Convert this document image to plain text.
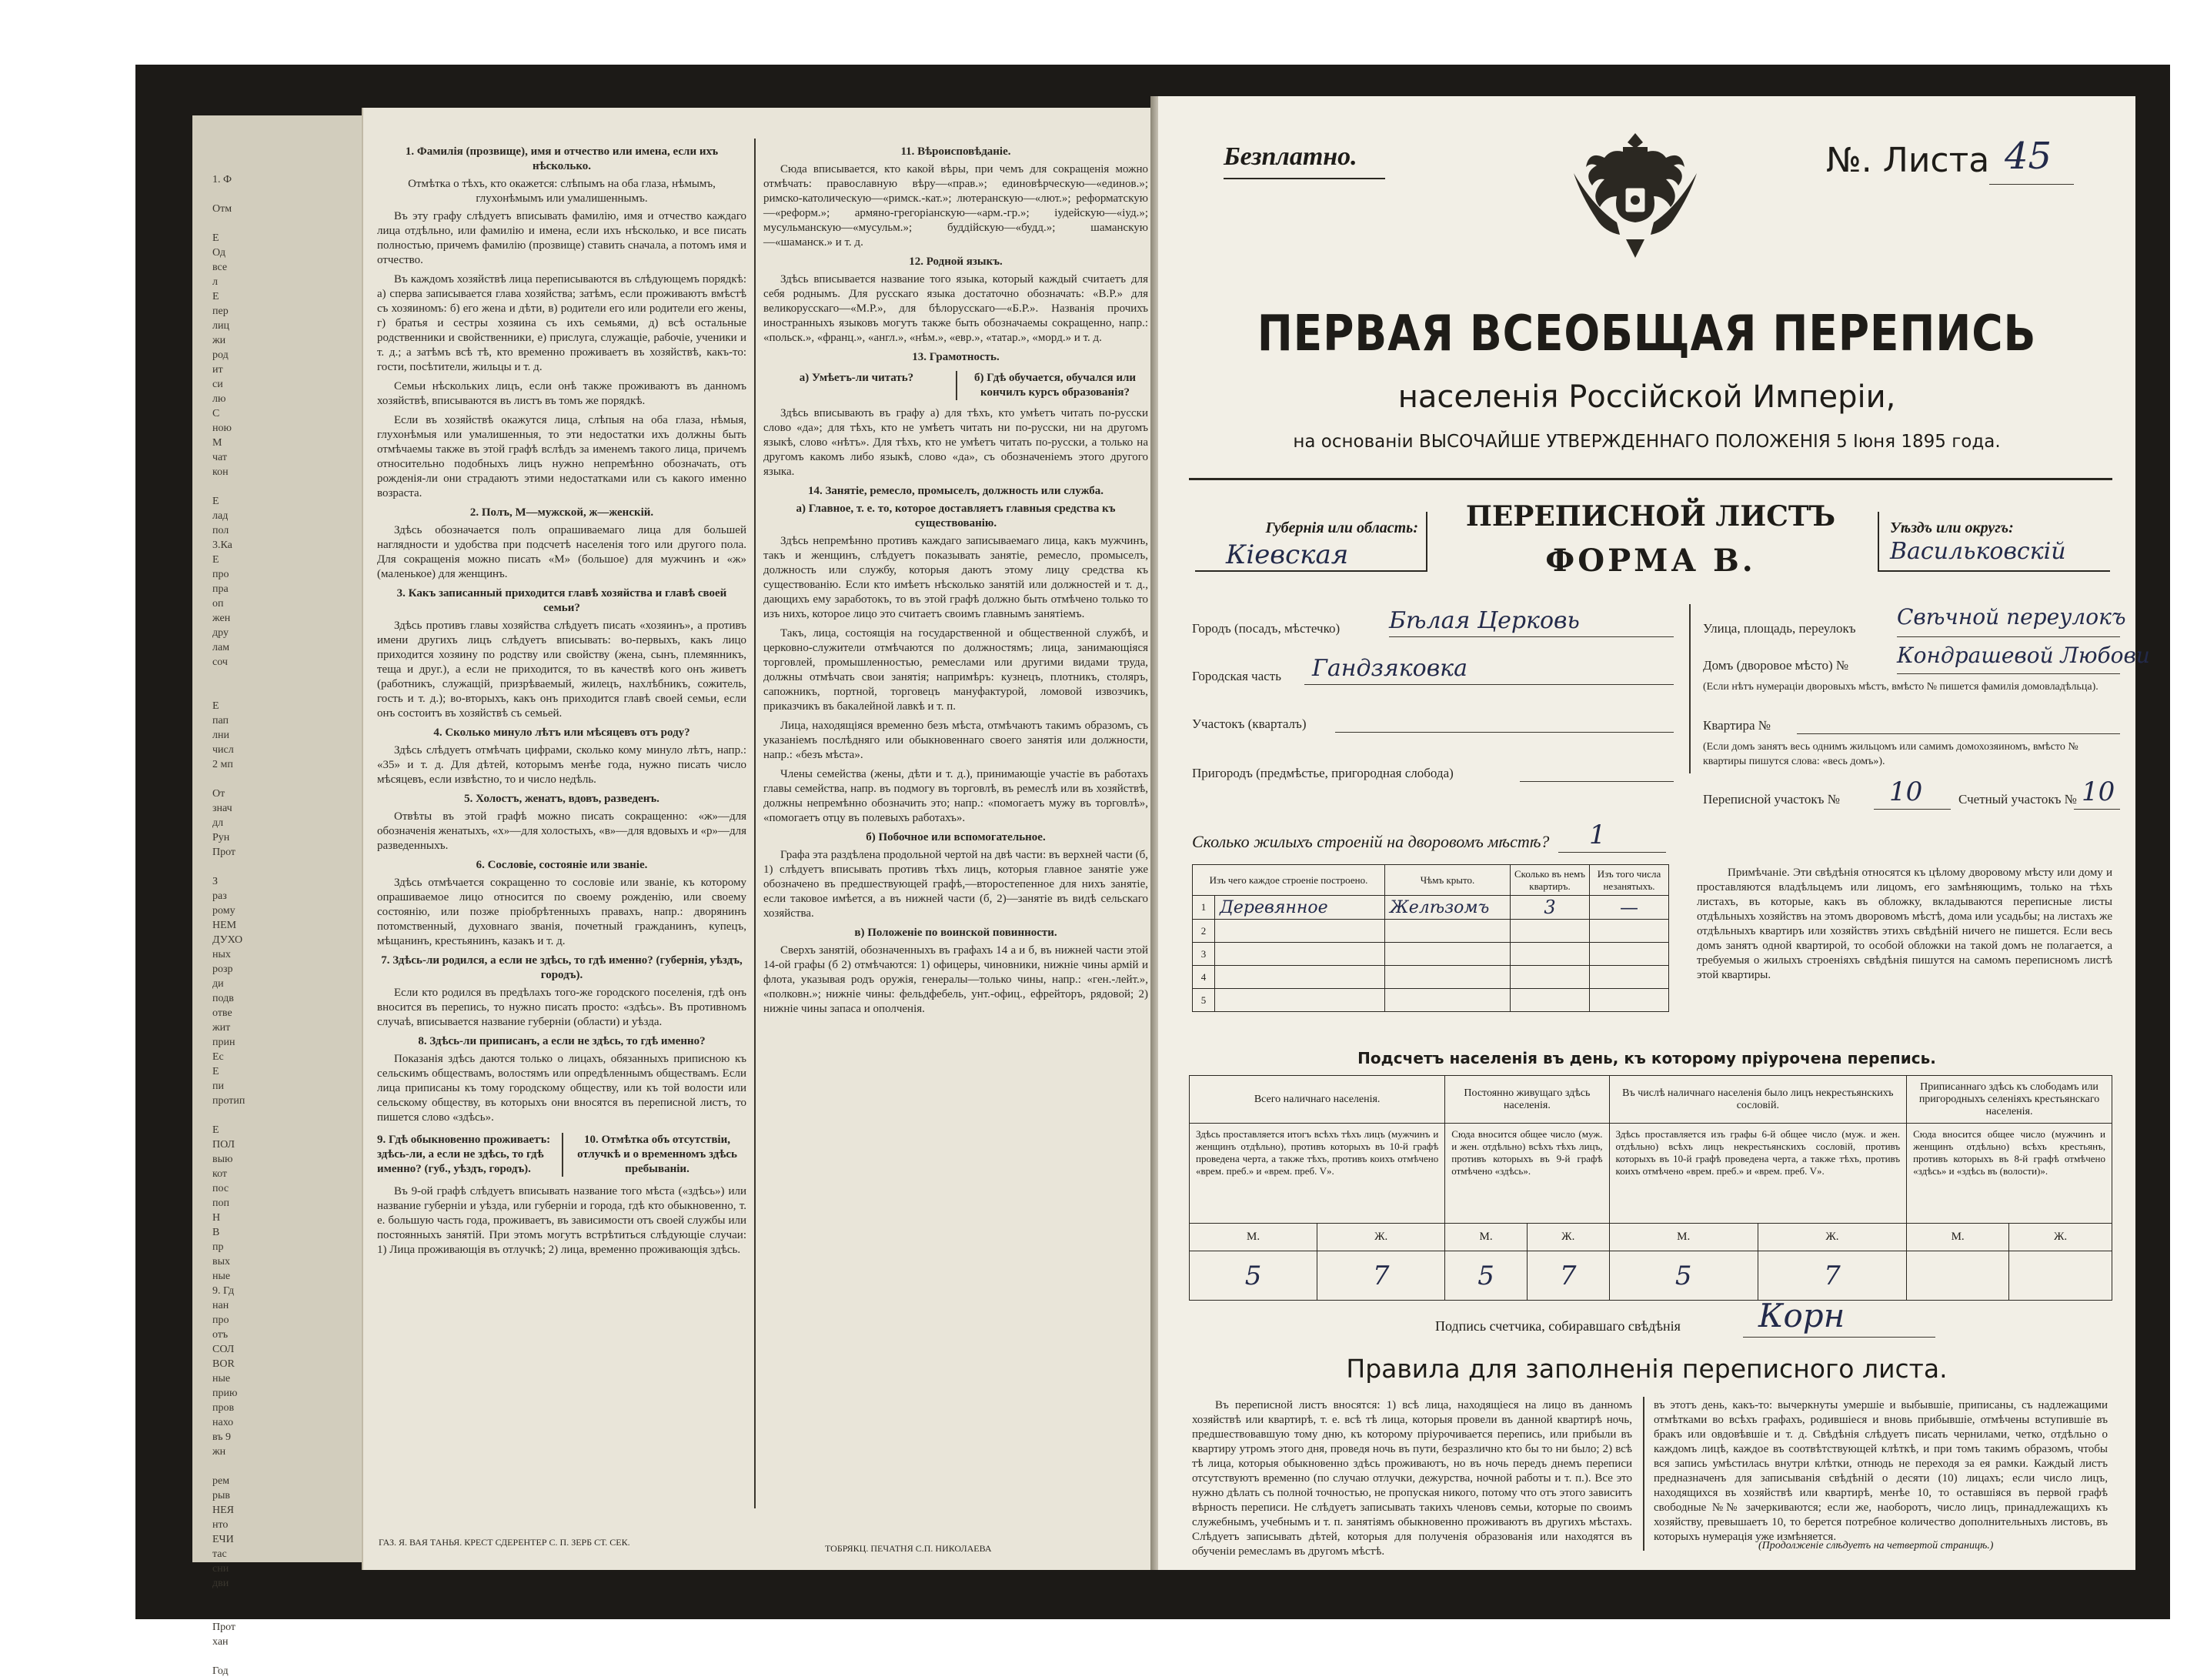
1. Ф
Отм
E
Од
все
л
Е
пер
лиц
жи
род
ит
си
лю
С
ною
М
чат
кон
Е
лад
пол
3.Ка
Е
про
пра
оп
жен
дру
лам
соч
Е
пап
лни
числ
2 мп
От
знач
дл
Рун
Прот
З
раз
рому
НЕМ
ДУХО
ных
розр
ди
подв
отве
жит
прин
Ес
Е
пи
протип
Е
ПОЛ
выю
кот
пос
поп
Н
В
пр
вых
ные
9. Гд
нан
про
отъ
СОЛ
BOR
ные
прию
пров
нахо
въ 9
жн
рем
рыв
НЕЯ
нто
ЕЧИ
тас
сни
дви
Прот
хан
Год

1. Фамилія (прозвище), имя и отчество или имена, если ихъ нѣсколько.

Отмѣтка о тѣхъ, кто окажется: слѣпымъ на оба глаза, нѣмымъ, глухонѣмымъ или умалишеннымъ.

Въ эту графу слѣдуетъ вписывать фамилію, имя и отчество каждаго лица отдѣльно, или фамилію и имена, если ихъ нѣсколько, и все писать полностью, причемъ фамилію (прозвище) ставить сначала, а потомъ имя и отчество.

Въ каждомъ хозяйствѣ лица переписываются въ слѣдующемъ порядкѣ: а) сперва записывается глава хозяйства; затѣмъ, если проживаютъ вмѣстѣ съ хозяиномъ: б) его жена и дѣти, в) родители его или родители его жены, г) братья и сестры хозяина съ ихъ семьями, д) всѣ остальные родственники и свойственники, е) прислуга, служащіе, рабочіе, ученики и т. д.; а затѣмъ всѣ тѣ, кто временно проживаетъ въ хозяйствѣ, какъ-то: гости, посѣтители, жильцы и т. д.

Семьи нѣскольких лицъ, если онѣ также проживаютъ въ данномъ хозяйствѣ, вписываются въ листъ въ томъ же порядкѣ.

Если въ хозяйствѣ окажутся лица, слѣпыя на оба глаза, нѣмыя, глухонѣмыя или умалишенныя, то эти недостатки ихъ должны быть отмѣчаемы также въ этой графѣ вслѣдъ за именемъ такого лица, причемъ относительно подобныхъ лицъ нужно непремѣнно обозначать, отъ рожденія-ли они страдаютъ этими недостатками или съ какого именно возраста.

2. Полъ, М—мужской, ж—женскій.

Здѣсь обозначается полъ опрашиваемаго лица для большей наглядности и удобства при подсчетѣ населенія того или другого пола. Для сокращенія можно писать «М» (большое) для мужчинъ и «ж» (маленькое) для женщинъ.

3. Какъ записанный приходится главѣ хозяйства и главѣ своей семьи?

Здѣсь противъ главы хозяйства слѣдуетъ писать «хозяинъ», а противъ имени другихъ лицъ слѣдуетъ вписывать: во-первыхъ, какъ лицо приходится хозяину по родству или свойству (жена, сынъ, племянникъ, теща и друг.), а если не приходится, то въ качествѣ кого онъ живетъ (работникъ, служащій, призрѣваемый, жилецъ, нахлѣбникъ, сожитель, гость и т. д.); во-вторыхъ, какъ онъ приходится главѣ своей семьи, если онъ состоитъ въ хозяйствѣ съ семьей.

4. Сколько минуло лѣтъ или мѣсяцевъ отъ роду?

Здѣсь слѣдуетъ отмѣчать цифрами, сколько кому минуло лѣтъ, напр.: «35» и т. д. Для дѣтей, которымъ менѣе года, нужно писать число мѣсяцевъ, если извѣстно, то и число недѣль.

5. Холостъ, женатъ, вдовъ, разведенъ.

Отвѣты въ этой графѣ можно писать сокращенно: «ж»—для обозначенія женатыхъ, «х»—для холостыхъ, «в»—для вдовыхъ и «р»—для разведенныхъ.

6. Сословіе, состояніе или званіе.

Здѣсь отмѣчается сокращенно то сословіе или званіе, къ которому опрашиваемое лицо относится по своему рожденію, или своему состоянію, или позже пріобрѣтенныхъ правахъ, напр.: дворянинъ потомственный, духовнаго званія, почетный гражданинъ, купецъ, мѣщанинъ, крестьянинъ, казакъ и т. д.

7. Здѣсь-ли родился, а если не здѣсь, то гдѣ именно? (губернія, уѣздъ, городъ).

Если кто родился въ предѣлахъ того-же городского поселенія, гдѣ онъ вносится въ перепись, то нужно писать просто: «здѣсь». Въ противномъ случаѣ, вписывается название губерніи (области) и уѣзда.

8. Здѣсь-ли приписанъ, а если не здѣсь, то гдѣ именно?

Показанія здѣсь даются только о лицахъ, обязанныхъ приписною къ сельскимъ обществамъ, волостямъ или опредѣленнымъ обществамъ. Если лица приписаны къ тому городскому обществу, или къ той волости или сельскому обществу, въ которыхъ они вносятся въ переписной листъ, то пишется слово «здѣсь».

9. Гдѣ обыкновенно проживаетъ: здѣсь-ли, а если не здѣсь, то гдѣ именно? (губ., уѣздъ, городъ).
10. Отмѣтка объ отсутствіи, отлучкѣ и о временномъ здѣсь пребываніи.

Въ 9-ой графѣ слѣдуетъ вписывать название того мѣста («здѣсь») или название губерніи и уѣзда, или губерніи и города, гдѣ кто обыкновенно, т. е. большую часть года, проживаетъ, въ зависимости отъ своей службы или постоянныхъ занятій. При этомъ могутъ встрѣтиться слѣдующіе случаи: 1) Лица проживающія въ отлучкѣ; 2) лица, временно проживающія здѣсь.

11. Вѣроисповѣданіе.

Сюда вписывается, кто какой вѣры, при чемъ для сокращенія можно отмѣчать: православную вѣру—«прав.»; единовѣрческую—«единов.»; римско-католическую—«римск.-кат.»; лютеранскую—«лют.»; реформатскую—«реформ.»; армяно-грегоріанскую—«арм.-гр.»; іудейскую—«іуд.»; мусульманскую—«мусульм.»; буддійскую—«будд.»; шаманскую—«шаманск.» и т. д.

12. Родной языкъ.

Здѣсь вписывается название того языка, который каждый считаетъ для себя роднымъ. Для русскаго языка достаточно обозначать: «В.Р.» для великорусскаго—«М.Р.», для бѣлорусскаго—«Б.Р.». Названія прочихъ иностранныхъ языковъ могутъ также быть обозначаемы сокращенно, напр.: «польск.», «франц.», «англ.», «нѣм.», «евр.», «татар.», «морд.» и т. д.

13. Грамотность.

а) Умѣетъ-ли читать?	б) Гдѣ обучается, обучался или кончилъ курсъ образованія?

Здѣсь вписывають въ графу а) для тѣхъ, кто умѣетъ читать по-русски слово «да»; для тѣхъ, кто не умѣетъ читать ни по-русски, ни на другомъ языкѣ, слово «нѣтъ». Для тѣхъ, кто не умѣетъ читать по-русски, а только на другомъ какомъ либо языкѣ, слово «да», съ обозначеніемъ этого другого языка.

14. Занятіе, ремесло, промыселъ, должность или служба.

а) Главное, т. е. то, которое доставляетъ главныя средства къ существованію.

Здѣсь непремѣнно противъ каждаго записываемаго лица, какъ мужчинъ, такъ и женщинъ, слѣдуетъ показывать занятіе, ремесло, промыселъ, должность или службу, которыя даютъ этому лицу средства къ существованію. Если кто имѣетъ нѣсколько занятій или должностей и т. д., дающихъ ему заработокъ, то въ этой графѣ должно быть отмѣчено только то изъ нихъ, которое лицо это считаетъ своимъ главнымъ занятіемъ.

Такъ, лица, состоящія на государственной и общественной службѣ, и церковно-служители отмѣчаются по должностямъ; лица, занимающіяся торговлей, промышленностью, ремеслами или другими видами труда, должны отмѣчать свои занятія; напримѣръ: кузнецъ, плотникъ, столяръ, сапожникъ, портной, торговецъ мануфактурой, ломовой извозчикъ, приказчикъ въ бакалейной лавкѣ и т. п.

Лица, находящіяся временно безъ мѣста, отмѣчаютъ такимъ образомъ, съ указаніемъ послѣдняго или обыкновеннаго своего занятія или должности, напр.: «безъ мѣста».

Члены семейства (жены, дѣти и т. д.), принимающіе участіе въ работахъ главы семейства, напр. въ подмогу въ торговлѣ, въ ремеслѣ или въ хозяйствѣ, должны непремѣнно обозначить это; напр.: «помогаетъ мужу въ торговлѣ», «помогаетъ отцу въ полевыхъ работахъ».

б) Побочное или вспомогательное.

Графа эта раздѣлена продольной чертой на двѣ части: въ верхней части (б, 1) слѣдуетъ вписывать противъ тѣхъ лицъ, которыя главное занятіе уже обозначено въ предшествующей графѣ,—второстепенное для нихъ занятіе, если таковое имѣется, а въ нижней части (б, 2)—занятіе въ видѣ сельскаго хозяйства.

в) Положеніе по воинской повинности.

Сверхъ занятій, обозначенныхъ въ графахъ 14 а и б, въ нижней части этой 14-ой графы (б 2) отмѣчаются: 1) офицеры, чиновники, нижніе чины армій и флота, указывая родъ оружія, генералы—только чины, напр.: «ген.-лейт.», «полковн.»; нижніе чины: фельдфебель, унт.-офиц., ефрейторъ, рядовой; 2) нижніе чины запаса и ополченія.

ГАЗ. Я. ВАЯ ТАНЬЯ. КРЕСТ СДЕРЕНТЕР С. П. ЗЕРБ СТ. СЕК.
ТОБРЯКЦ. ПЕЧАТНЯ С.П. НИКОЛАЕВА
Безплатно.	№. Листа 45
ПЕРВАЯ ВСЕОБЩАЯ ПЕРЕПИСЬ
населенія Россійской Имперіи,
на основаніи ВЫСОЧАЙШЕ УТВЕРЖДЕННАГО ПОЛОЖЕНІЯ 5 Іюня 1895 года.
Губернія или область:
Кіевская
ПЕРЕПИСНОЙ ЛИСТЪ
ФОРМА В.
Уѣздъ или округъ:
Васильковскій
Городъ (посадъ, мѣстечко) Бѣлая Церковь
Городская часть Гандзяковка
Участокъ (кварталъ)
Пригородъ (предмѣстье, пригородная слобода)
Улица, площадь, переулокъ Свѣчной переулокъ
Домъ (дворовое мѣсто) № Кондрашевой Любови
(Если нѣтъ нумераціи дворовыхъ мѣстъ, вмѣсто № пишется фамилія домовладѣльца).
Квартира №
(Если домъ занятъ весь однимъ жильцомъ или самимъ домохозяиномъ, вмѣсто № квартиры пишутся слова: «весь домъ»).
Переписной участокъ № 10	Счетный участокъ № 10
Сколько жилыхъ строеній на дворовомъ мѣстѣ? 1
Изъ чего каждое строеніе построено.		Чѣмъ крыто.	Сколько въ немъ квартиръ.	Изъ того числа незанятыхъ.
1	Деревянное	Желѣзомъ	3	—
2				
3				
4				
5				
Примѣчаніе. Эти свѣдѣнія относятся къ цѣлому дворовому мѣсту или дому и проставляются владѣльцемъ или лицомъ, его замѣняющимъ, только на тѣхъ листахъ, въ которые, какъ въ обложку, вкладываются переписные листы отдѣльныхъ хозяйствъ на этомъ дворовомъ мѣстѣ, дома или усадьбы; на листахъ же отдѣльныхъ квартиръ или хозяйствъ этихъ свѣдѣній ничего не пишется. Если весь домъ занятъ одной квартирой, то особой обложки на такой домъ не полагается, а требуемыя о жилыхъ строеніяхъ свѣдѣнія пишутся на самомъ переписномъ листѣ этой квартиры.
Подсчетъ населенія въ день, къ которому пріурочена перепись.
Всего наличнаго населенія.		Постоянно живущаго здѣсь населенія.		Въ числѣ наличнаго населенія было лицъ некрестьянскихъ сословій.		Приписаннаго здѣсь къ слободамъ или пригородныхъ селеніяхъ крестьянскаго населенія.	
Здѣсь проставляется итогъ всѣхъ тѣхъ лицъ (мужчинъ и женщинъ отдѣльно), противъ которыхъ въ 10-й графѣ проведена черта, а также тѣхъ, противъ коихъ отмѣчено «врем. преб.» и «врем. преб. V».		Сюда вносится общее число (муж. и жен. отдѣльно) всѣхъ тѣхъ лицъ, противъ которыхъ въ 9-й графѣ отмѣчено «здѣсь».		Здѣсь проставляется изъ графы 6-й общее число (муж. и жен. отдѣльно) всѣхъ лицъ некрестьянскихъ сословій, противъ которыхъ въ 10-й графѣ проведена черта, а также тѣхъ, противъ коихъ отмѣчено «врем. преб.» и «врем. преб. V».		Сюда вносится общее число (мужчинъ и женщинъ отдѣльно) всѣхъ крестьянъ, противъ которыхъ въ 8-й графѣ отмѣчено «здѣсь» и «здѣсь въ (волости)».	
М.	Ж.	М.	Ж.	М.	Ж.	М.	Ж.
5	7	5	7	5	7		
Подпись счетчика, собиравшаго свѣдѣнія Корн
Правила для заполненія переписного листа.
Въ переписной листъ вносятся: 1) всѣ лица, находящіеся на лицо въ данномъ хозяйствѣ или квартирѣ, т. е. всѣ тѣ лица, которыя провели въ данной квартирѣ ночь, предшествовавшую тому дню, къ которому пріурочивается перепись, или прибыли въ квартиру утромъ этого дня, проведя ночь въ пути, безразлично кто бы то ни было; 2) всѣ тѣ лица, которыя обыкновенно здѣсь проживаютъ, но въ ночь передъ днемъ переписи отсутствуютъ временно (по случаю отлучки, дежурства, ночной работы и т. п.). Все это нужно дѣлать съ полной точностью, не пропуская никого, потому что отъ этого зависитъ вѣрность переписи. Не слѣдуетъ записывать такихъ членовъ семьи, которые по своимъ служебнымъ, учебнымъ и т. п. занятіямъ обыкновенно проживаютъ въ другихъ мѣстахъ. Слѣдуетъ записывать дѣтей, которыя для полученія образованія или находятся въ обученіи ремесламъ въ другомъ мѣстѣ.
въ этотъ день, какъ-то: вычеркнуты умершіе и выбывшіе, приписаны, съ надлежащими отмѣтками во всѣхъ графахъ, родившіеся и вновь прибывшіе, отмѣчены вступившіе въ бракъ или овдовѣвшіе и т. д. Свѣдѣнія слѣдуетъ писать чернилами, четко, отдѣльно о каждомъ лицѣ, каждое въ соотвѣтствующей клѣткѣ, и при томъ такимъ образомъ, чтобы вся запись умѣстилась внутри клѣтки, отнюдь не переходя за ея рамки. Каждый листъ предназначенъ для записыванія свѣдѣній о десяти (10) лицахъ; если число лицъ, находящихся въ хозяйствѣ или квартирѣ, менѣе 10, то оставшіяся въ первой графѣ свободные №№ зачеркиваются; если же, наоборотъ, число лицъ, принадлежащихъ къ хозяйству, превышаетъ 10, то берется потребное количество дополнительныхъ листовъ, въ которыхъ нумерація уже измѣняется.
(Продолженіе слѣдуетъ на четвертой страницѣ.)
